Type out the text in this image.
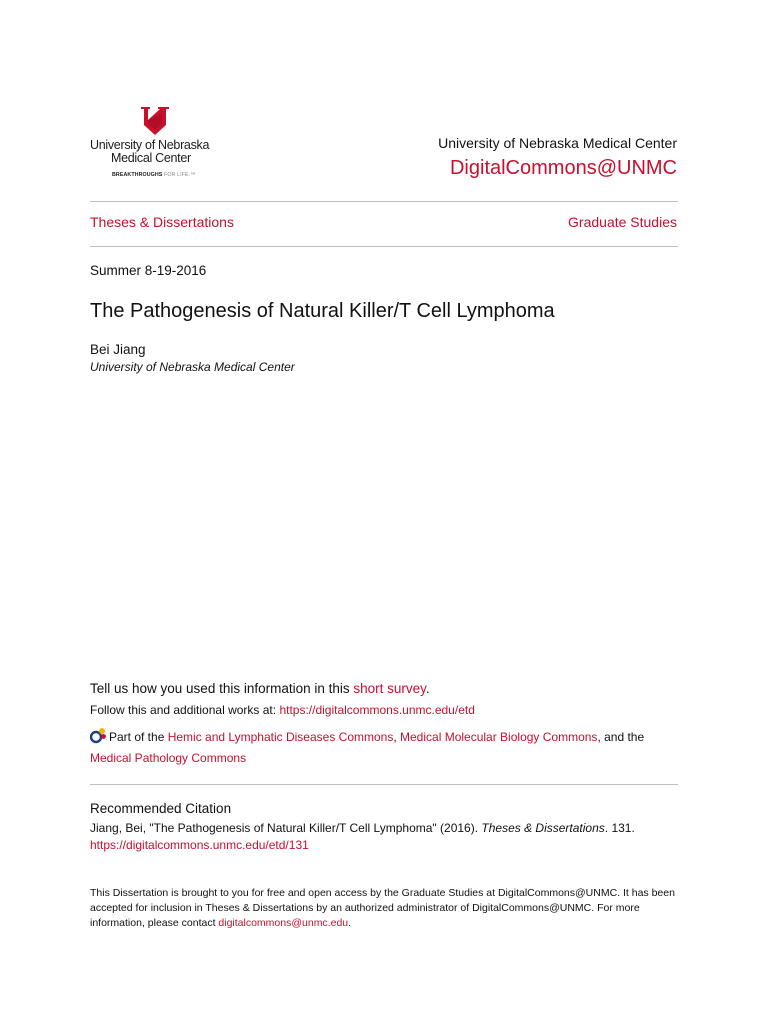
University of Nebraska
Medical Center
BREAKTHROUGHS FOR LIFE.™
University of Nebraska Medical Center
DigitalCommons@UNMC
Theses & Dissertations	Graduate Studies
Summer 8-19-2016
The Pathogenesis of Natural Killer/T Cell Lymphoma
Bei Jiang
University of Nebraska Medical Center
Tell us how you used this information in this short survey.
Follow this and additional works at: https://digitalcommons.unmc.edu/etd
Part of the Hemic and Lymphatic Diseases Commons, Medical Molecular Biology Commons, and the
Medical Pathology Commons
Recommended Citation
Jiang, Bei, "The Pathogenesis of Natural Killer/T Cell Lymphoma" (2016). Theses & Dissertations. 131.
https://digitalcommons.unmc.edu/etd/131
This Dissertation is brought to you for free and open access by the Graduate Studies at DigitalCommons@UNMC. It has been accepted for inclusion in Theses & Dissertations by an authorized administrator of DigitalCommons@UNMC. For more information, please contact digitalcommons@unmc.edu.
